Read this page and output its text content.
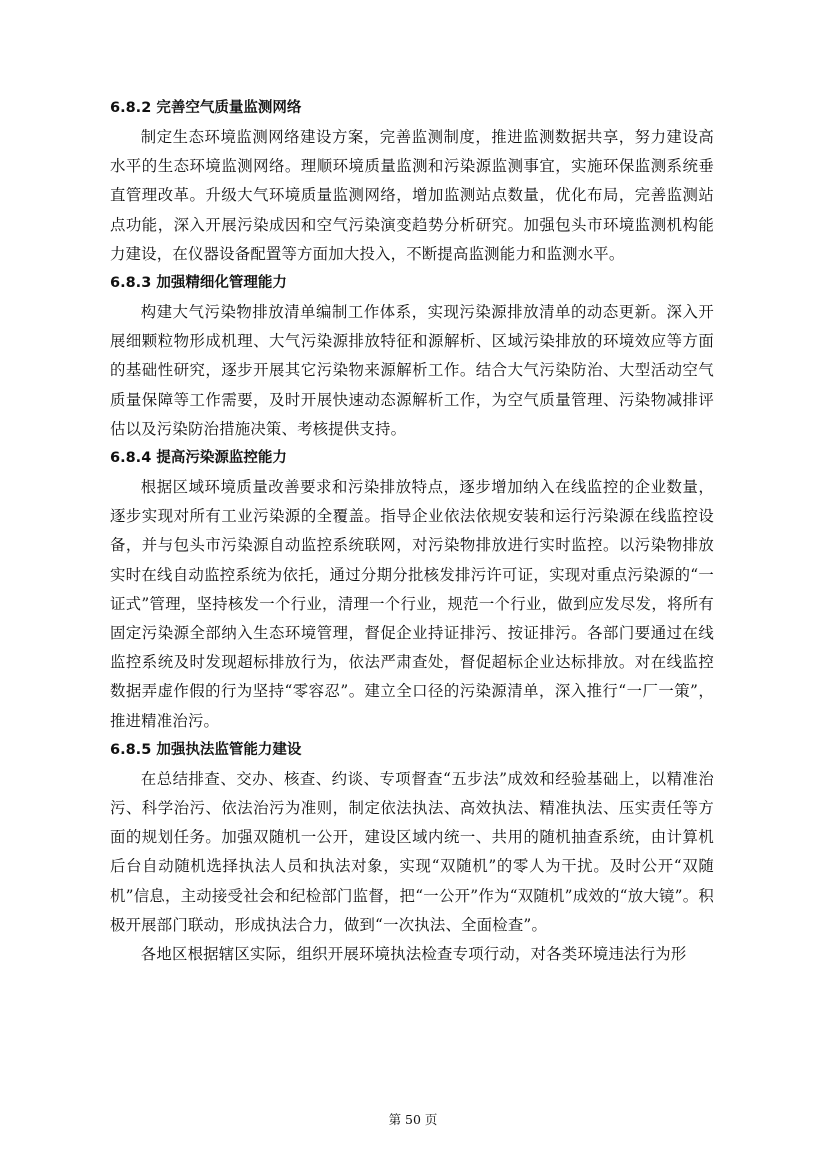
6.8.2 完善空气质量监测网络

制定生态环境监测网络建设方案，完善监测制度，推进监测数据共享，努力建设高水平的生态环境监测网络。理顺环境质量监测和污染源监测事宜，实施环保监测系统垂直管理改革。升级大气环境质量监测网络，增加监测站点数量，优化布局，完善监测站点功能，深入开展污染成因和空气污染演变趋势分析研究。加强包头市环境监测机构能力建设，在仪器设备配置等方面加大投入，不断提高监测能力和监测水平。

6.8.3 加强精细化管理能力

构建大气污染物排放清单编制工作体系，实现污染源排放清单的动态更新。深入开展细颗粒物形成机理、大气污染源排放特征和源解析、区域污染排放的环境效应等方面的基础性研究，逐步开展其它污染物来源解析工作。结合大气污染防治、大型活动空气质量保障等工作需要，及时开展快速动态源解析工作，为空气质量管理、污染物减排评估以及污染防治措施决策、考核提供支持。

6.8.4 提高污染源监控能力

根据区域环境质量改善要求和污染排放特点，逐步增加纳入在线监控的企业数量，逐步实现对所有工业污染源的全覆盖。指导企业依法依规安装和运行污染源在线监控设备，并与包头市污染源自动监控系统联网，对污染物排放进行实时监控。以污染物排放实时在线自动监控系统为依托，通过分期分批核发排污许可证，实现对重点污染源的“一证式”管理，坚持核发一个行业，清理一个行业，规范一个行业，做到应发尽发，将所有固定污染源全部纳入生态环境管理，督促企业持证排污、按证排污。各部门要通过在线监控系统及时发现超标排放行为，依法严肃查处，督促超标企业达标排放。对在线监控数据弄虚作假的行为坚持“零容忍”。建立全口径的污染源清单，深入推行“一厂一策”，推进精准治污。

6.8.5 加强执法监管能力建设

在总结排查、交办、核查、约谈、专项督查“五步法”成效和经验基础上，以精准治污、科学治污、依法治污为准则，制定依法执法、高效执法、精准执法、压实责任等方面的规划任务。加强双随机一公开，建设区域内统一、共用的随机抽查系统，由计算机后台自动随机选择执法人员和执法对象，实现“双随机”的零人为干扰。及时公开“双随机”信息，主动接受社会和纪检部门监督，把“一公开”作为“双随机”成效的“放大镜”。积极开展部门联动，形成执法合力，做到“一次执法、全面检查”。

各地区根据辖区实际，组织开展环境执法检查专项行动，对各类环境违法行为形

第 50 页
